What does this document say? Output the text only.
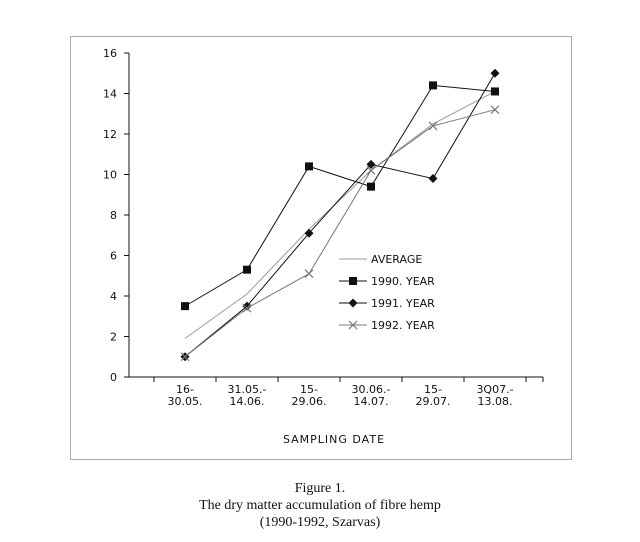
0
2
4
6
8
10
12
14
16
16-30.05.
31.05.-14.06.
15-29.06.
30.06.-14.07.
15-29.07.
3Q07.-13.08.
SAMPLING DATE
AVERAGE
1990. YEAR
1991. YEAR
1992. YEAR
Figure 1.
The dry matter accumulation of fibre hemp
(1990-1992, Szarvas)
